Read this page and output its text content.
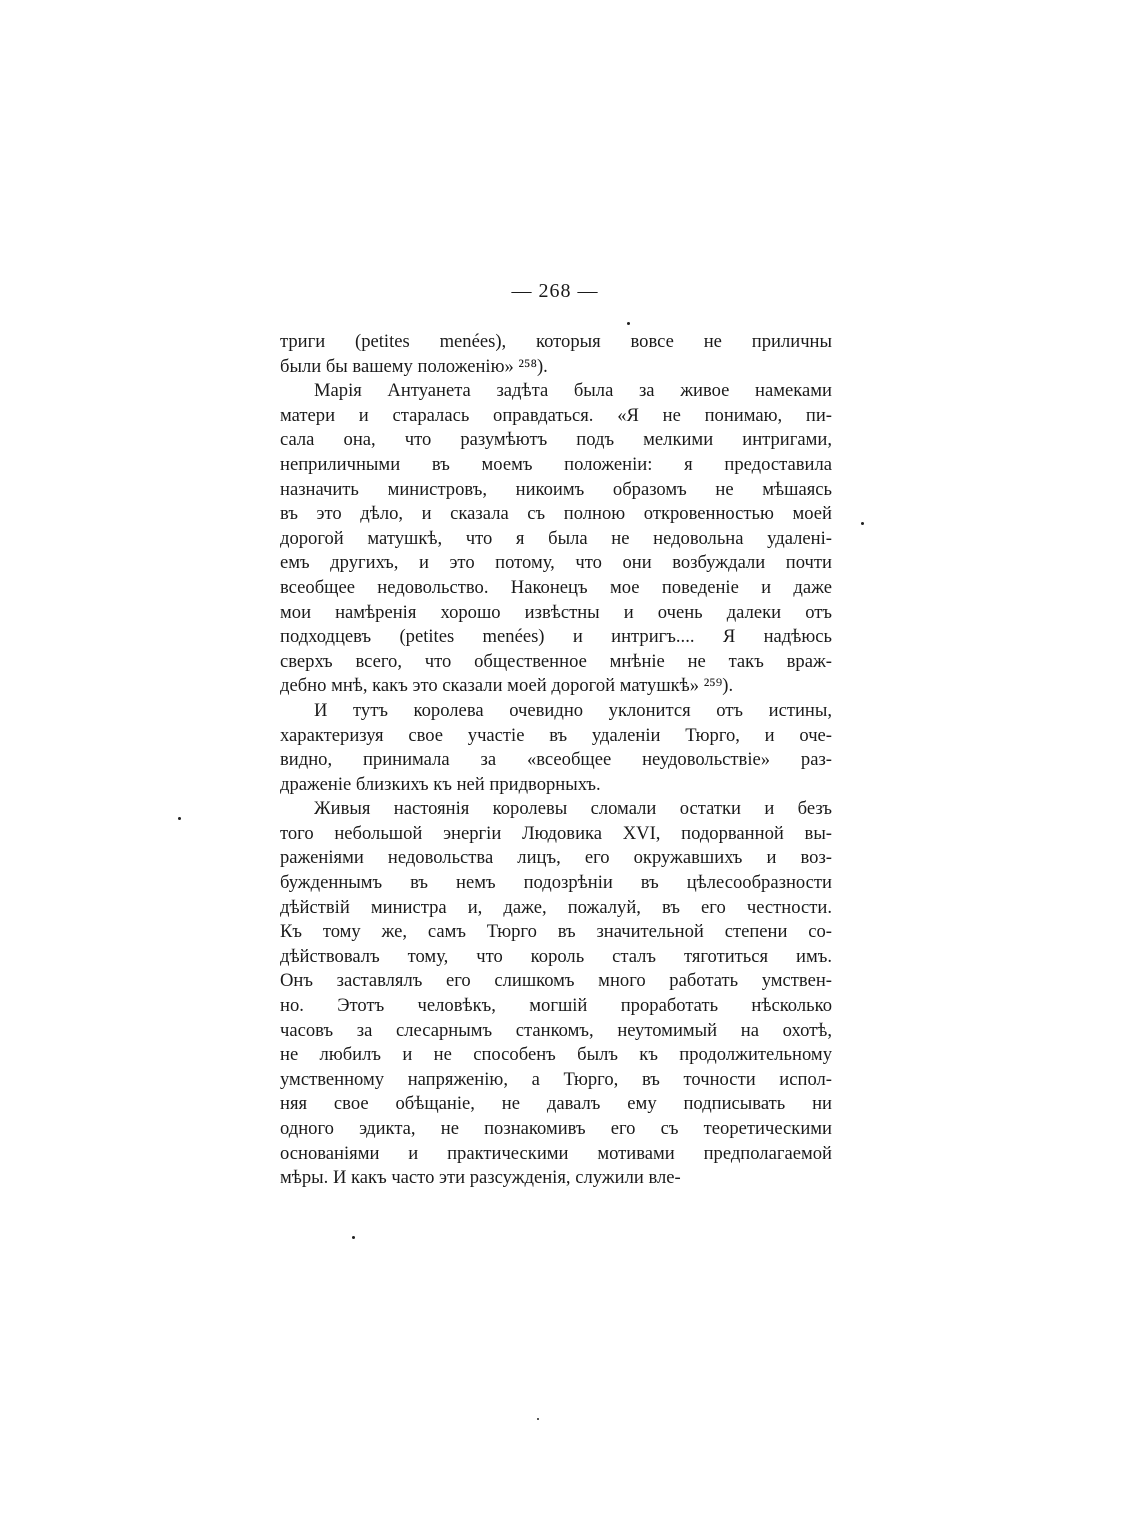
— 268 —
триги (petites menées), которыя вовсе не приличны
были бы вашему положенію» ²⁵⁸).
Марія Антуанета задѣта была за живое намеками
матери и старалась оправдаться. «Я не понимаю, пи-
сала она, что разумѣютъ подъ мелкими интригами,
неприличными въ моемъ положеніи: я предоставила
назначить министровъ, никоимъ образомъ не мѣшаясь
въ это дѣло, и сказала съ полною откровенностью моей
дорогой матушкѣ, что я была не недовольна удаленi-
емъ другихъ, и это потому, что они возбуждали почти
всеобщее недовольство. Наконецъ мое поведеніе и даже
мои намѣренія хорошо извѣстны и очень далеки отъ
подходцевъ (petites menées) и интригъ.... Я надѣюсь
сверхъ всего, что общественное мнѣніе не такъ враж-
дебно мнѣ, какъ это сказали моей дорогой матушкѣ» ²⁵⁹).
И тутъ королева очевидно уклонится отъ истины,
характеризуя свое участіе въ удаленіи Тюрго, и оче-
видно, принимала за «всеобщее неудовольствіе» раз-
драженіе близкихъ къ ней придворныхъ.
Живыя настоянія королевы сломали остатки и безъ
того небольшой энергіи Людовика XVI, подорванной вы-
раженіями недовольства лицъ, его окружавшихъ и воз-
бужденнымъ въ немъ подозрѣніи въ цѣлесообразности
дѣйствій министра и, даже, пожалуй, въ его честности.
Къ тому же, самъ Тюрго въ значительной степени со-
дѣйствовалъ тому, что король сталъ тяготиться имъ.
Онъ заставлялъ его слишкомъ много работать умствен-
но. Этотъ человѣкъ, могшій проработать нѣсколько
часовъ за слесарнымъ станкомъ, неутомимый на охотѣ,
не любилъ и не способенъ былъ къ продолжительному
умственному напряженію, а Тюрго, въ точности испол-
няя свое обѣщаніе, не давалъ ему подписывать ни
одного эдикта, не познакомивъ его съ теоретическими
основаніями и практическими мотивами предполагаемой
мѣры. И какъ часто эти разсужденія, служили вле-
